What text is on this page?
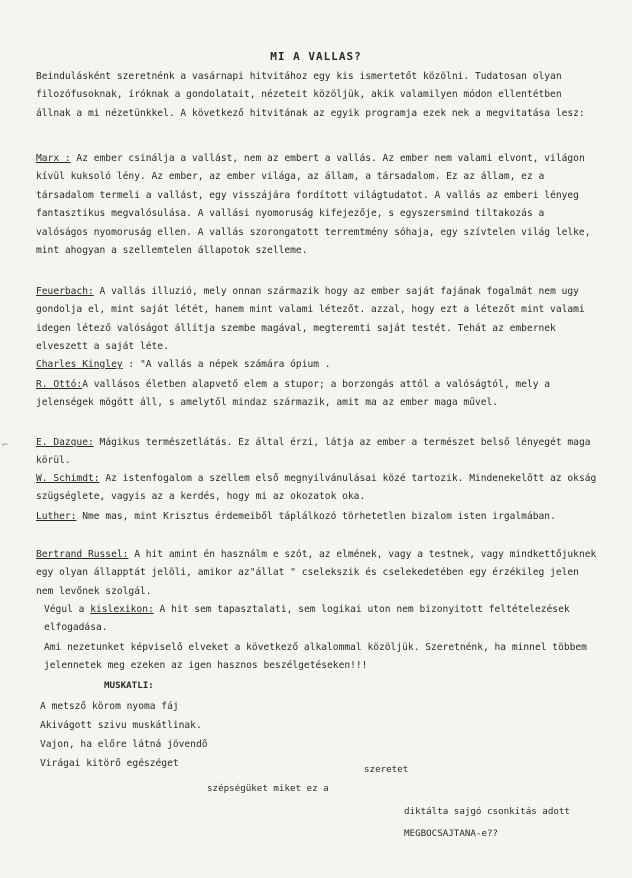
MI A VALLAS?
Beindulásként szeretnénk a vasárnapi hitvitához egy kis ismertetőt közölni. Tudatosan olyan filozófusoknak, íróknak a gondolatait, nézeteit közöljük, akik valamilyen módon ellentétben állnak a mi nézetünkkel. A következő hitvitának az egyik programja ezek nek a megvitatása lesz:
Marx : Az ember csinálja a vallást, nem az embert a vallás. Az ember nem valami elvont, világon kívül kuksoló lény. Az ember, az ember világa, az állam, a társadalom. Ez az állam, ez a társadalom termeli a vallást, egy visszájára fordított világtudatot. A vallás az emberi lényeg fantasztikus megvalósulása. A vallási nyomoruság kifejezője, s egyszersmind tiltakozás a valóságos nyomoruság ellen. A vallás szorongatott terremtmény sóhaja, egy szívtelen világ lelke, mint ahogyan a szellemtelen állapotok szelleme.
Feuerbach: A vallás illuzió, mely onnan származik hogy az ember saját fajának fogalmát nem ugy gondolja el, mint saját létét, hanem mint valami létezőt. azzal, hogy ezt a létezőt mint valami idegen létező valóságot állítja szembe magával, megteremti saját testét. Tehát az embernek elveszett a saját léte.
Charles Kingley : "A vallás a népek számára ópium .
R. Ottó:A vallásos életben alapvető elem a stupor; a borzongás attól a valóságtól, mely a jelenségek mögött áll, s amelytől mindaz származik, amit ma az ember maga művel.
E. Dazque: Mágikus természetlátás. Ez által érzi, látja az ember a természet belső lényegét maga körül.
W. Schimdt: Az istenfogalom a szellem első megnyilvánulásai közé tartozik. Mindenekelőtt az okság szügséglete, vagyis az a kerdés, hogy mi az okozatok oka.
Luther: Nme mas, mint Krisztus érdemeiből táplálkozó törhetetlen bizalom isten irgalmában.
Bertrand Russel: A hit amint én használm e szót, az elmének, vagy a testnek, vagy mindkettőjuknek egy olyan állapptát jelöli, amikor az"állat " cselekszik és cselekedetében egy érzékileg jelen nem levőnek szolgál.
Végul a kislexikon: A hit sem tapasztalati, sem logikai uton nem bizonyitott feltételezések elfogadása.
Ami nezetunket képviselő elveket a következő alkalommal közöljük. Szeretnénk, ha minnel többem jelennetek meg ezeken az igen hasznos beszélgetéseken!!!
MUSKATLI:
A metsző körom nyoma fáj
Akivágott szivu muskátlinak.
Vajon, ha előre látná jövendő
Virágai kitörő egészéget
szeretet
szépségüket miket ez a
diktálta sajgó csonkitás adott
MEGBOCSAJTANA-e??
⌐
